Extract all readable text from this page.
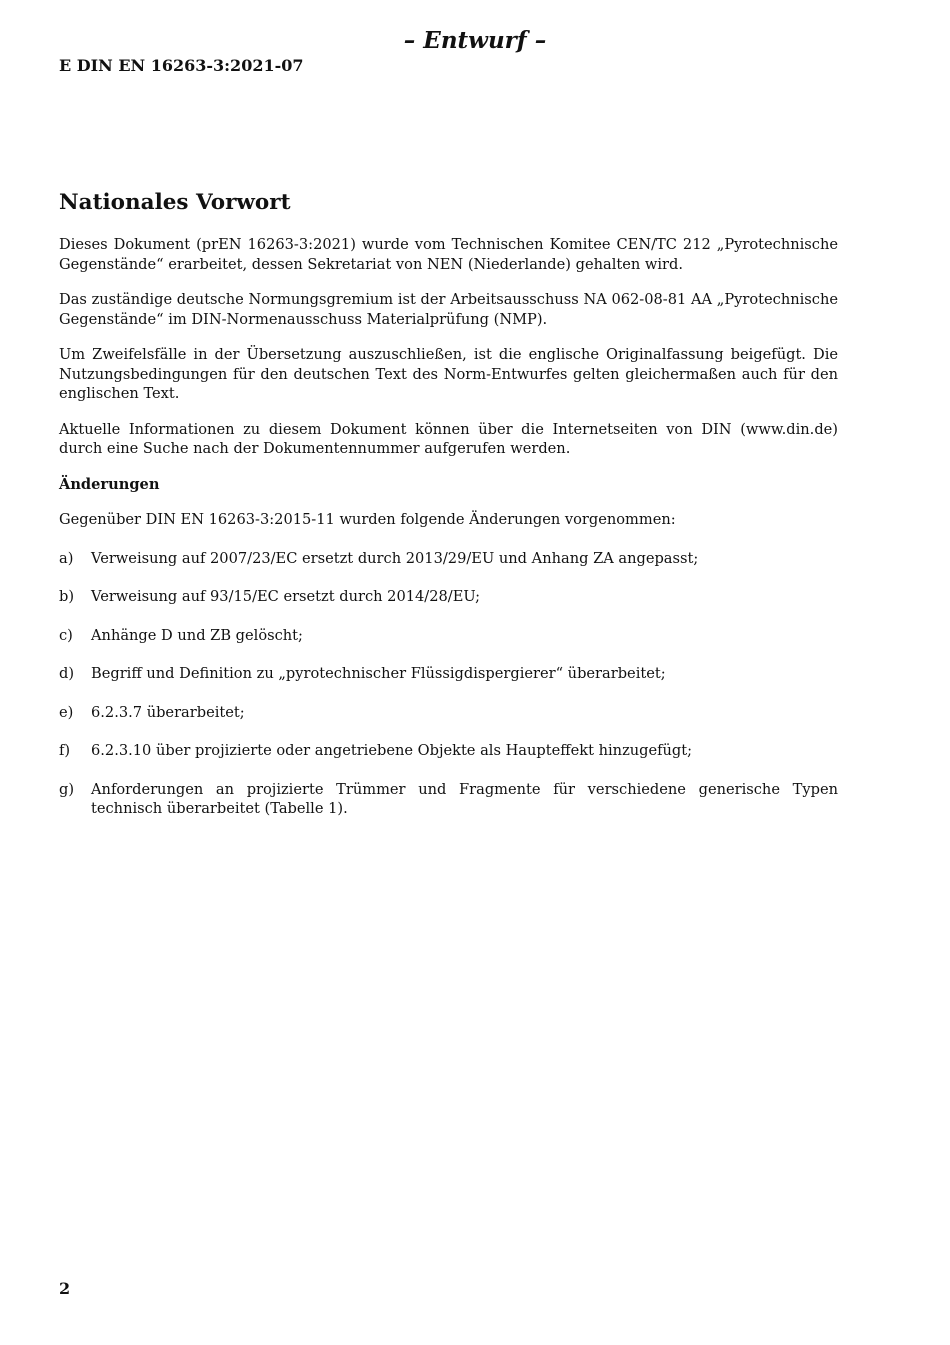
– Entwurf –
E DIN EN 16263-3:2021-07
Nationales Vorwort

Dieses Dokument (prEN 16263-3:2021) wurde vom Technischen Komitee CEN/TC 212 „Pyrotechnische Gegenstände“ erarbeitet, dessen Sekretariat von NEN (Niederlande) gehalten wird.

Das zuständige deutsche Normungsgremium ist der Arbeitsausschuss NA 062-08-81 AA „Pyrotechnische Gegenstände“ im DIN-Normenausschuss Materialprüfung (NMP).

Um Zweifelsfälle in der Übersetzung auszuschließen, ist die englische Originalfassung beigefügt. Die Nutzungsbedingungen für den deutschen Text des Norm-Entwurfes gelten gleichermaßen auch für den englischen Text.

Aktuelle Informationen zu diesem Dokument können über die Internetseiten von DIN (www.din.de) durch eine Suche nach der Dokumentennummer aufgerufen werden.

Änderungen

Gegenüber DIN EN 16263-3:2015-11 wurden folgende Änderungen vorgenommen:

a)	Verweisung auf 2007/23/EC ersetzt durch 2013/29/EU und Anhang ZA angepasst;
b)	Verweisung auf 93/15/EC ersetzt durch 2014/28/EU;
c)	Anhänge D und ZB gelöscht;
d)	Begriff und Definition zu „pyrotechnischer Flüssigdispergierer“ überarbeitet;
e)	6.2.3.7 überarbeitet;
f)	6.2.3.10 über projizierte oder angetriebene Objekte als Haupteffekt hinzugefügt;
g)	Anforderungen an projizierte Trümmer und Fragmente für verschiedene generische Typen technisch überarbeitet (Tabelle 1).
2
